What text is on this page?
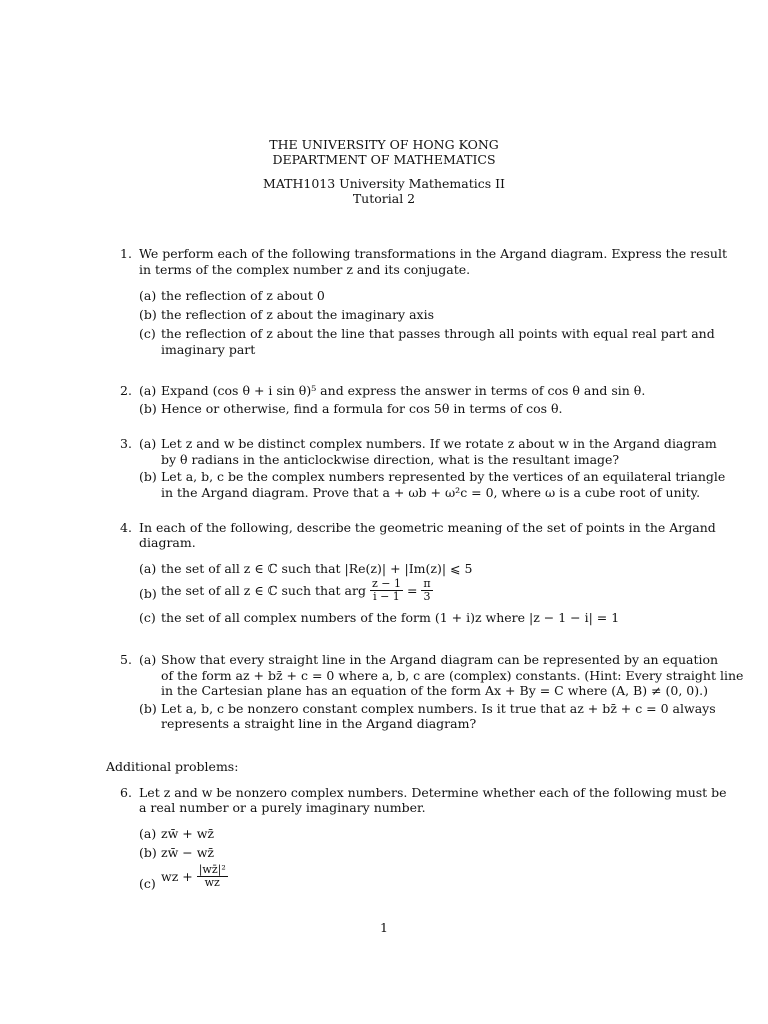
THE UNIVERSITY OF HONG KONG
DEPARTMENT OF MATHEMATICS
MATH1013 University Mathematics II
Tutorial 2
1. We perform each of the following transformations in the Argand diagram. Express the result
in terms of the complex number z and its conjugate.
(a) the reflection of z about 0
(b) the reflection of z about the imaginary axis
(c) the reflection of z about the line that passes through all points with equal real part and
imaginary part
2. (a) Expand (cos θ + i sin θ)⁵ and express the answer in terms of cos θ and sin θ.
(b) Hence or otherwise, find a formula for cos 5θ in terms of cos θ.
3. (a) Let z and w be distinct complex numbers. If we rotate z about w in the Argand diagram
by θ radians in the anticlockwise direction, what is the resultant image?
(b) Let a, b, c be the complex numbers represented by the vertices of an equilateral triangle
in the Argand diagram. Prove that a + ωb + ω²c = 0, where ω is a cube root of unity.
4. In each of the following, describe the geometric meaning of the set of points in the Argand
diagram.
(a) the set of all z ∈ ℂ such that |Re(z)| + |Im(z)| ⩽ 5
(b) the set of all z ∈ ℂ such that arg $\frac{z - 1}{i - 1} = \frac{\pi}{3}$
(c) the set of all complex numbers of the form (1 + i)z where |z − 1 − i| = 1
5. (a) Show that every straight line in the Argand diagram can be represented by an equation
of the form az + bz̄ + c = 0 where a, b, c are (complex) constants. (Hint: Every straight line
in the Cartesian plane has an equation of the form Ax + By = C where (A, B) ≠ (0, 0).)
(b) Let a, b, c be nonzero constant complex numbers. Is it true that az + bz̄ + c = 0 always
represents a straight line in the Argand diagram?
Additional problems:
6. Let z and w be nonzero complex numbers. Determine whether each of the following must be
a real number or a purely imaginary number.
(a) zw̄ + wz̄
(b) zw̄ − wz̄
(c) wz + $\frac{\text{|wz̄|²}}{wz}$
1
